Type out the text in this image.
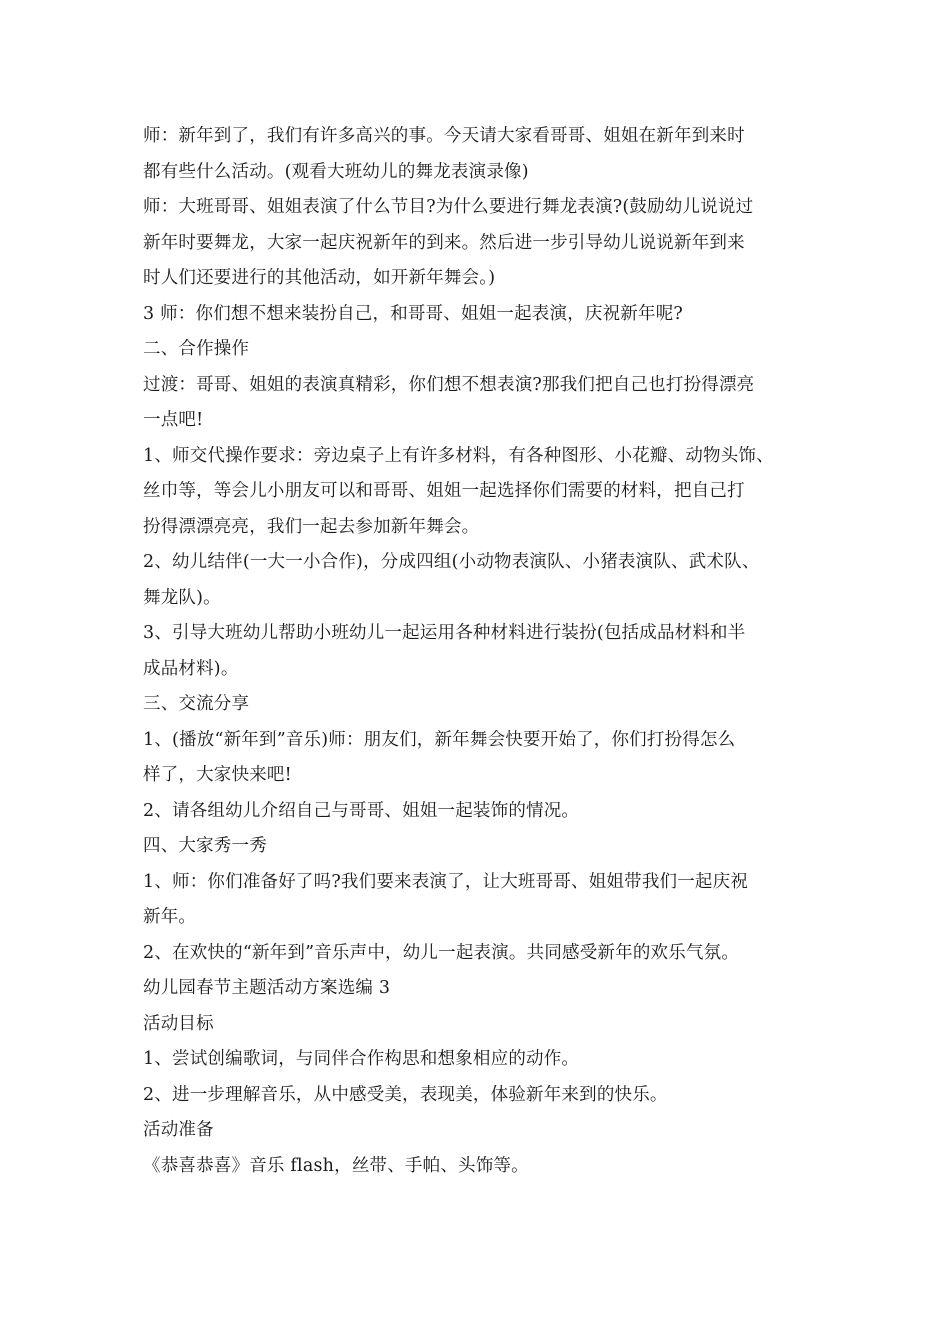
师：新年到了，我们有许多高兴的事。今天请大家看哥哥、姐姐在新年到来时
都有些什么活动。(观看大班幼儿的舞龙表演录像)
师：大班哥哥、姐姐表演了什么节目?为什么要进行舞龙表演?(鼓励幼儿说说过
新年时要舞龙，大家一起庆祝新年的到来。然后进一步引导幼儿说说新年到来
时人们还要进行的其他活动，如开新年舞会。)
3 师：你们想不想来装扮自己，和哥哥、姐姐一起表演，庆祝新年呢?
二、合作操作
过渡：哥哥、姐姐的表演真精彩，你们想不想表演?那我们把自己也打扮得漂亮
一点吧!
1、师交代操作要求：旁边桌子上有许多材料，有各种图形、小花瓣、动物头饰、
丝巾等，等会儿小朋友可以和哥哥、姐姐一起选择你们需要的材料，把自己打
扮得漂漂亮亮，我们一起去参加新年舞会。
2、幼儿结伴(一大一小合作)，分成四组(小动物表演队、小猪表演队、武术队、
舞龙队)。
3、引导大班幼儿帮助小班幼儿一起运用各种材料进行装扮(包括成品材料和半
成品材料)。
三、交流分享
1、(播放“新年到”音乐)师：朋友们，新年舞会快要开始了，你们打扮得怎么
样了，大家快来吧!
2、请各组幼儿介绍自己与哥哥、姐姐一起装饰的情况。
四、大家秀一秀
1、师：你们准备好了吗?我们要来表演了，让大班哥哥、姐姐带我们一起庆祝
新年。
2、在欢快的“新年到”音乐声中，幼儿一起表演。共同感受新年的欢乐气氛。
幼儿园春节主题活动方案选编 3
活动目标
1、尝试创编歌词，与同伴合作构思和想象相应的动作。
2、进一步理解音乐，从中感受美，表现美，体验新年来到的快乐。
活动准备
《恭喜恭喜》音乐 flash，丝带、手帕、头饰等。
